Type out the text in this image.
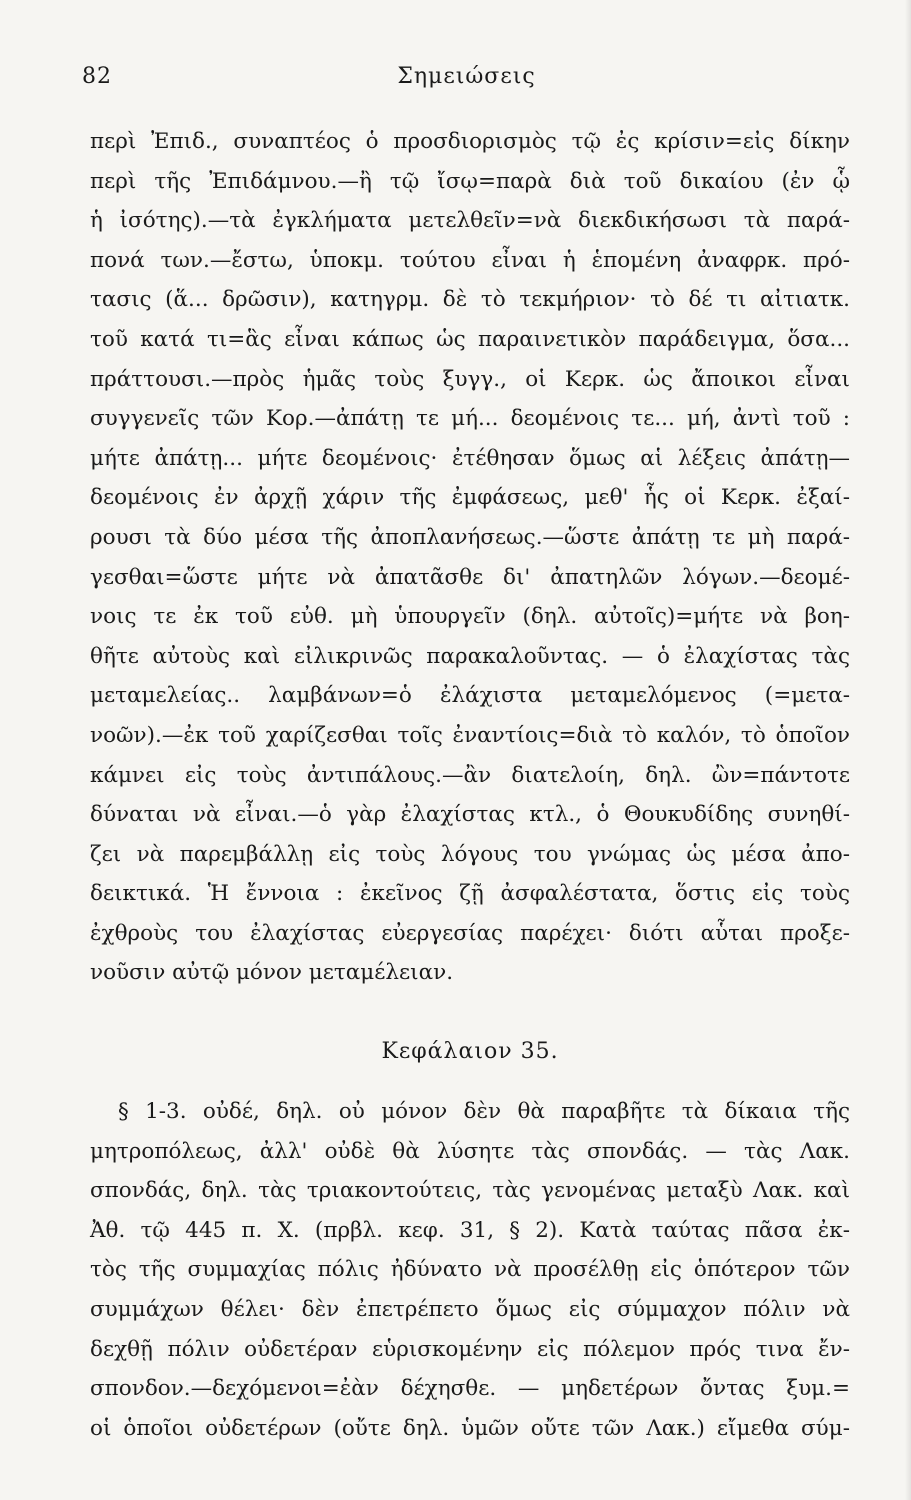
82	Σημειώσεις
περὶ Ἐπιδ., συναπτέος ὁ προσδιορισμὸς τῷ ἐς κρίσιν=εἰς δίκην
περὶ τῆς Ἐπιδάμνου.—ἢ τῷ ἴσῳ=παρὰ διὰ τοῦ δικαίου (ἐν ᾧ
ἡ ἰσότης).—τὰ ἐγκλήματα μετελθεῖν=νὰ διεκδικήσωσι τὰ παρά-
πονά των.—ἔστω, ὑποκμ. τούτου εἶναι ἡ ἑπομένη ἀναφρκ. πρό-
τασις (ἅ... δρῶσιν), κατηγρμ. δὲ τὸ τεκμήριον· τὸ δέ τι αἰτιατκ.
τοῦ κατά τι=ἃς εἶναι κάπως ὡς παραινετικὸν παράδειγμα, ὅσα...
πράττουσι.—πρὸς ἡμᾶς τοὺς ξυγγ., οἱ Κερκ. ὡς ἄποικοι εἶναι
συγγενεῖς τῶν Κορ.—ἀπάτῃ τε μή... δεομένοις τε... μή, ἀντὶ τοῦ :
μήτε ἀπάτῃ... μήτε δεομένοις· ἐτέθησαν ὅμως αἱ λέξεις ἀπάτῃ—
δεομένοις ἐν ἀρχῇ χάριν τῆς ἐμφάσεως, μεθ' ἧς οἱ Κερκ. ἐξαί-
ρουσι τὰ δύο μέσα τῆς ἀποπλανήσεως.—ὥστε ἀπάτῃ τε μὴ παρά-
γεσθαι=ὥστε μήτε νὰ ἀπατᾶσθε δι' ἀπατηλῶν λόγων.—δεομέ-
νοις τε ἐκ τοῦ εὐθ. μὴ ὑπουργεῖν (δηλ. αὐτοῖς)=μήτε νὰ βοη-
θῆτε αὐτοὺς καὶ εἰλικρινῶς παρακαλοῦντας. — ὁ ἐλαχίστας τὰς
μεταμελείας.. λαμβάνων=ὁ ἐλάχιστα μεταμελόμενος (=μετα-
νοῶν).—ἐκ τοῦ χαρίζεσθαι τοῖς ἐναντίοις=διὰ τὸ καλόν, τὸ ὁποῖον
κάμνει εἰς τοὺς ἀντιπάλους.—ἂν διατελοίη, δηλ. ὢν=πάντοτε
δύναται νὰ εἶναι.—ὁ γὰρ ἐλαχίστας κτλ., ὁ Θουκυδίδης συνηθί-
ζει νὰ παρεμβάλλῃ εἰς τοὺς λόγους του γνώμας ὡς μέσα ἀπο-
δεικτικά. Ἡ ἔννοια : ἐκεῖνος ζῇ ἀσφαλέστατα, ὅστις εἰς τοὺς
ἐχθροὺς του ἐλαχίστας εὐεργεσίας παρέχει· διότι αὗται προξε-
νοῦσιν αὐτῷ μόνον μεταμέλειαν.
Κεφάλαιον 35.
§ 1-3. οὐδέ, δηλ. οὐ μόνον δὲν θὰ παραβῆτε τὰ δίκαια τῆς
μητροπόλεως, ἀλλ' οὐδὲ θὰ λύσητε τὰς σπονδάς. — τὰς Λακ.
σπονδάς, δηλ. τὰς τριακοντούτεις, τὰς γενομένας μεταξὺ Λακ. καὶ
Ἀθ. τῷ 445 π. Χ. (πρβλ. κεφ. 31, § 2). Κατὰ ταύτας πᾶσα ἐκ-
τὸς τῆς συμμαχίας πόλις ἠδύνατο νὰ προσέλθῃ εἰς ὁπότερον τῶν
συμμάχων θέλει· δὲν ἐπετρέπετο ὅμως εἰς σύμμαχον πόλιν νὰ
δεχθῇ πόλιν οὐδετέραν εὑρισκομένην εἰς πόλεμον πρός τινα ἔν-
σπονδον.—δεχόμενοι=ἐὰν δέχησθε. — μηδετέρων ὄντας ξυμ.=
οἱ ὁποῖοι οὐδετέρων (οὔτε δηλ. ὑμῶν οὔτε τῶν Λακ.) εἴμεθα σύμ-
